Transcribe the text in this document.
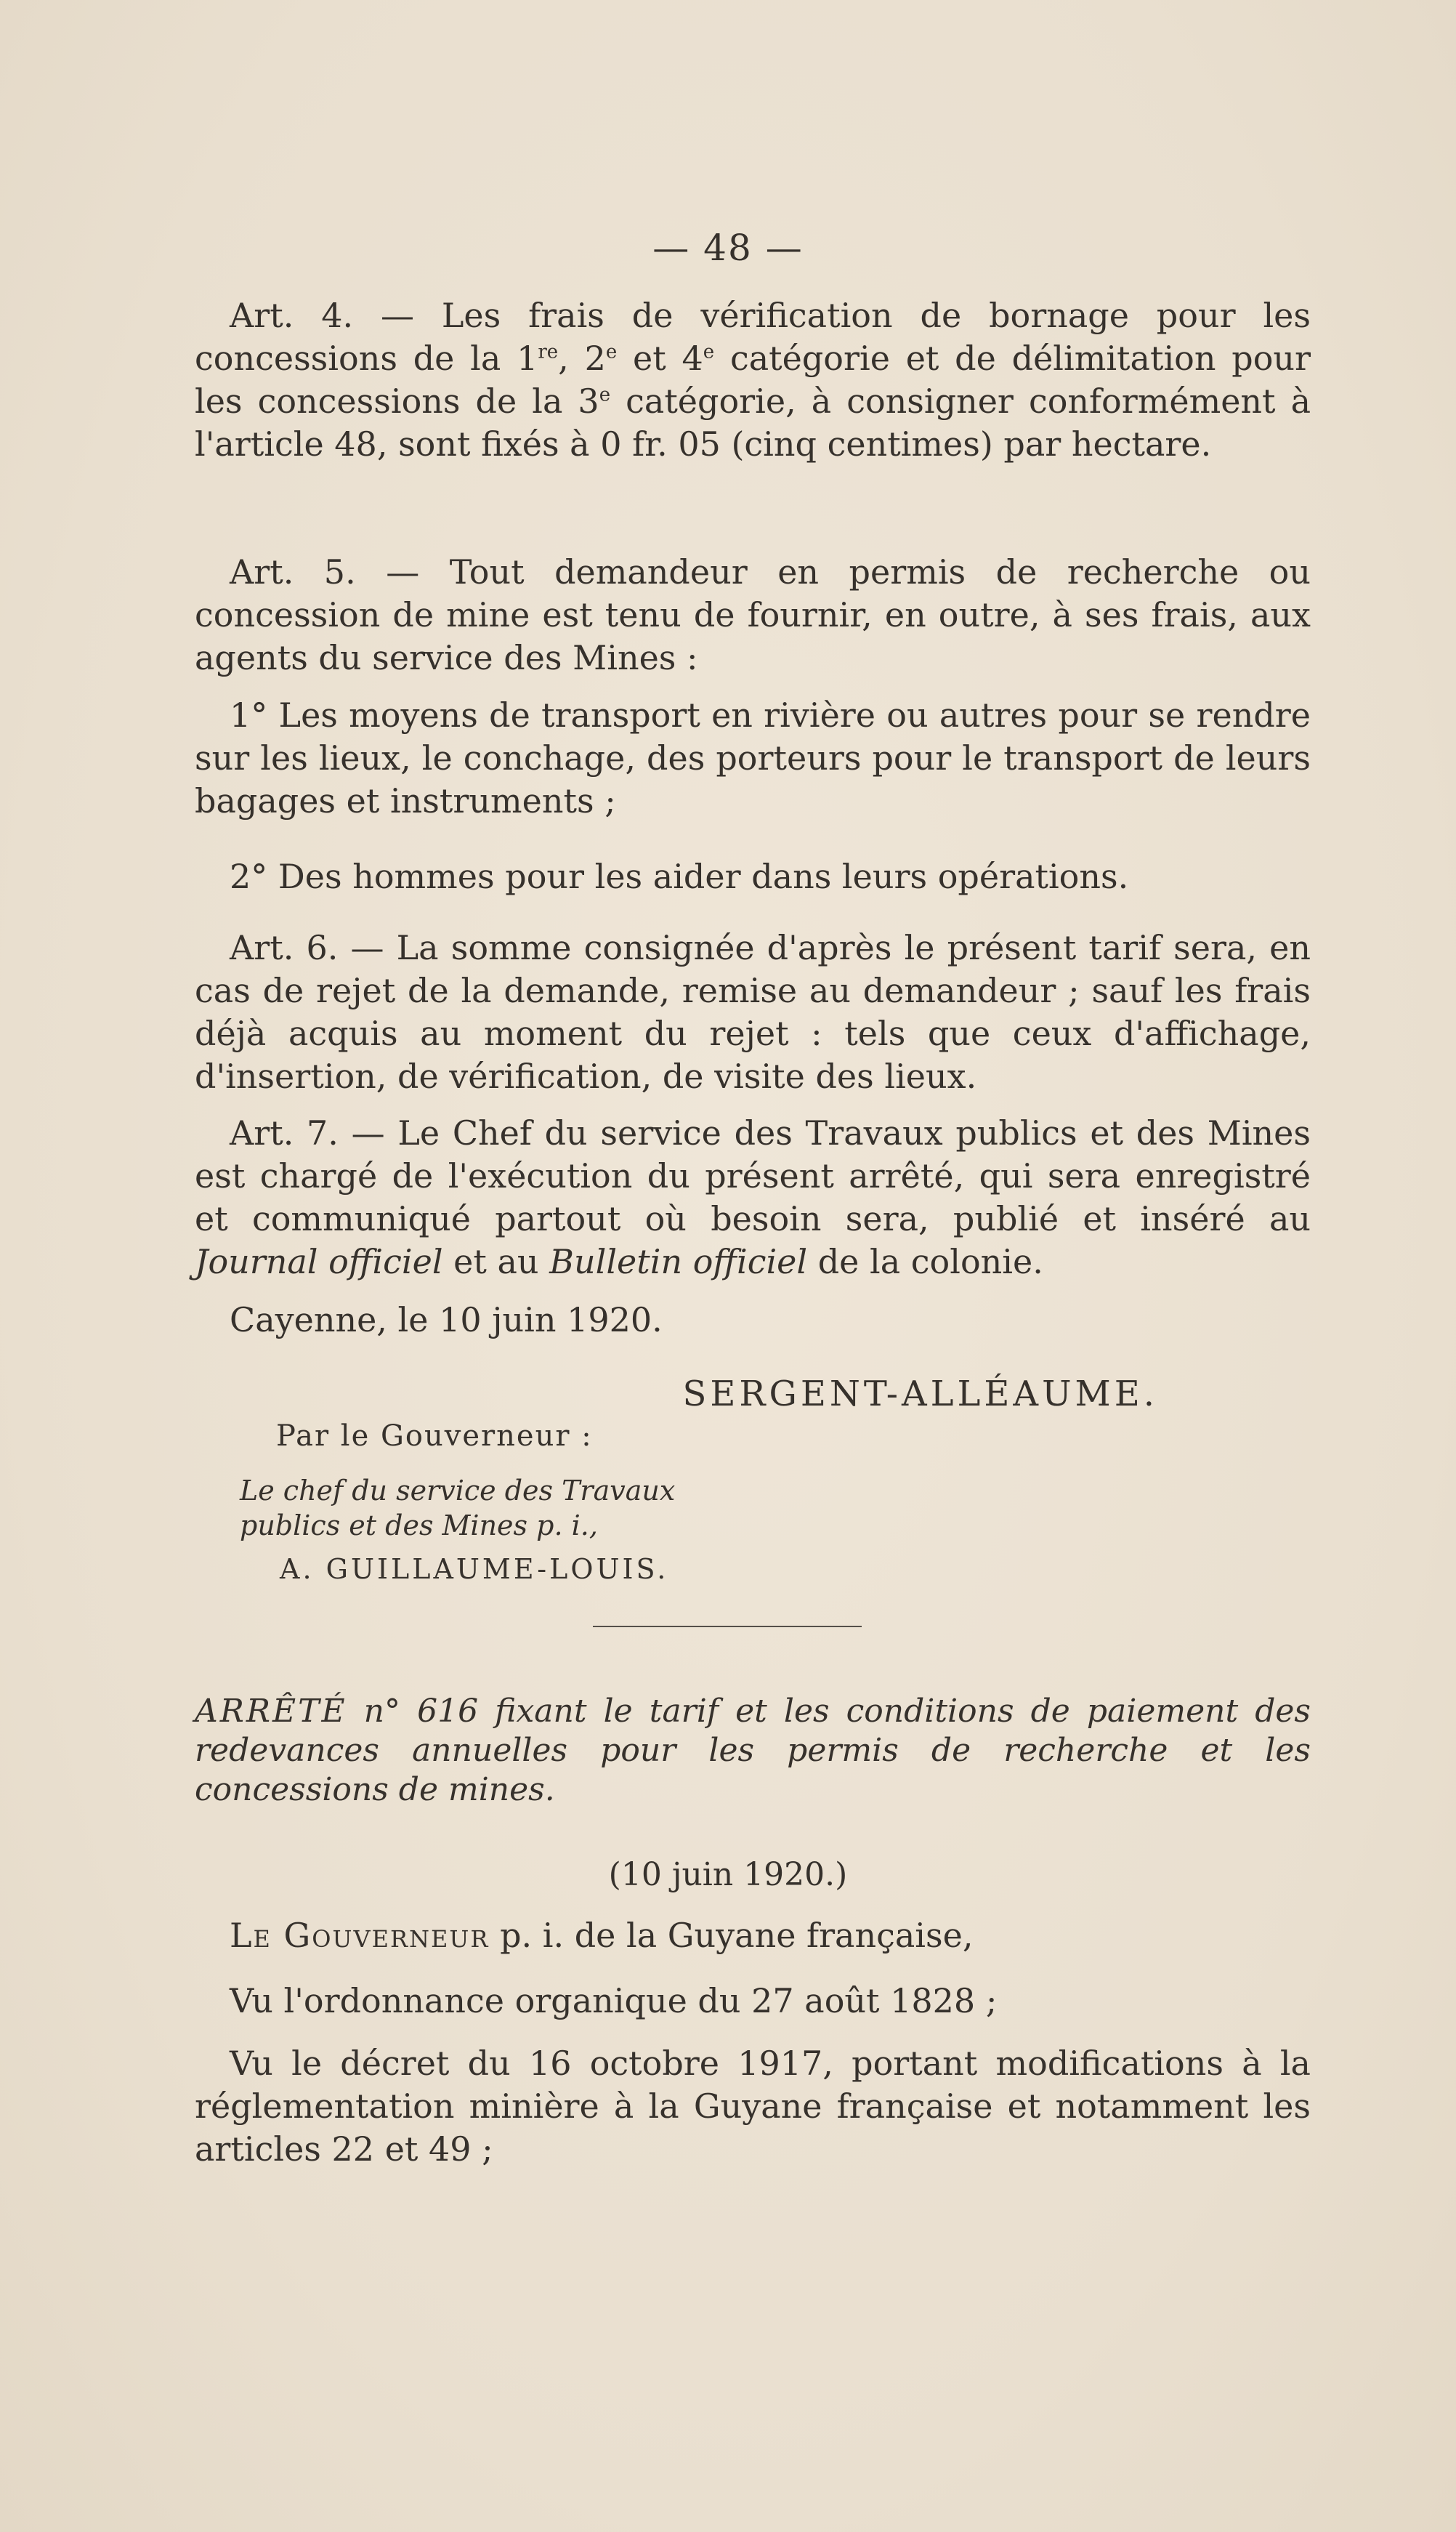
— 48 —

Art. 4. — Les frais de vérification de bornage pour les concessions de la 1re, 2e et 4e catégorie et de délimitation pour les concessions de la 3e catégorie, à consigner conformément à l'article 48, sont fixés à 0 fr. 05 (cinq centimes) par hectare.

Art. 5. — Tout demandeur en permis de recherche ou concession de mine est tenu de fournir, en outre, à ses frais, aux agents du service des Mines :

1° Les moyens de transport en rivière ou autres pour se rendre sur les lieux, le conchage, des porteurs pour le transport de leurs bagages et instruments ;

2° Des hommes pour les aider dans leurs opérations.

Art. 6. — La somme consignée d'après le présent tarif sera, en cas de rejet de la demande, remise au demandeur ; sauf les frais déjà acquis au moment du rejet : tels que ceux d'affichage, d'insertion, de vérification, de visite des lieux.

Art. 7. — Le Chef du service des Travaux publics et des Mines est chargé de l'exécution du présent arrêté, qui sera enregistré et communiqué partout où besoin sera, publié et inséré au Journal officiel et au Bulletin officiel de la colonie.

Cayenne, le 10 juin 1920.

SERGENT-ALLÉAUME.
Par le Gouverneur :
Le chef du service des Travaux
publics et des Mines p. i.,
A. GUILLAUME-LOUIS.
ARRÊTÉ n° 616 fixant le tarif et les conditions de paiement des redevances annuelles pour les permis de recherche et les concessions de mines.
(10 juin 1920.)

Le Gouverneur p. i. de la Guyane française,

Vu l'ordonnance organique du 27 août 1828 ;

Vu le décret du 16 octobre 1917, portant modifications à la réglementation minière à la Guyane française et notamment les articles 22 et 49 ;
